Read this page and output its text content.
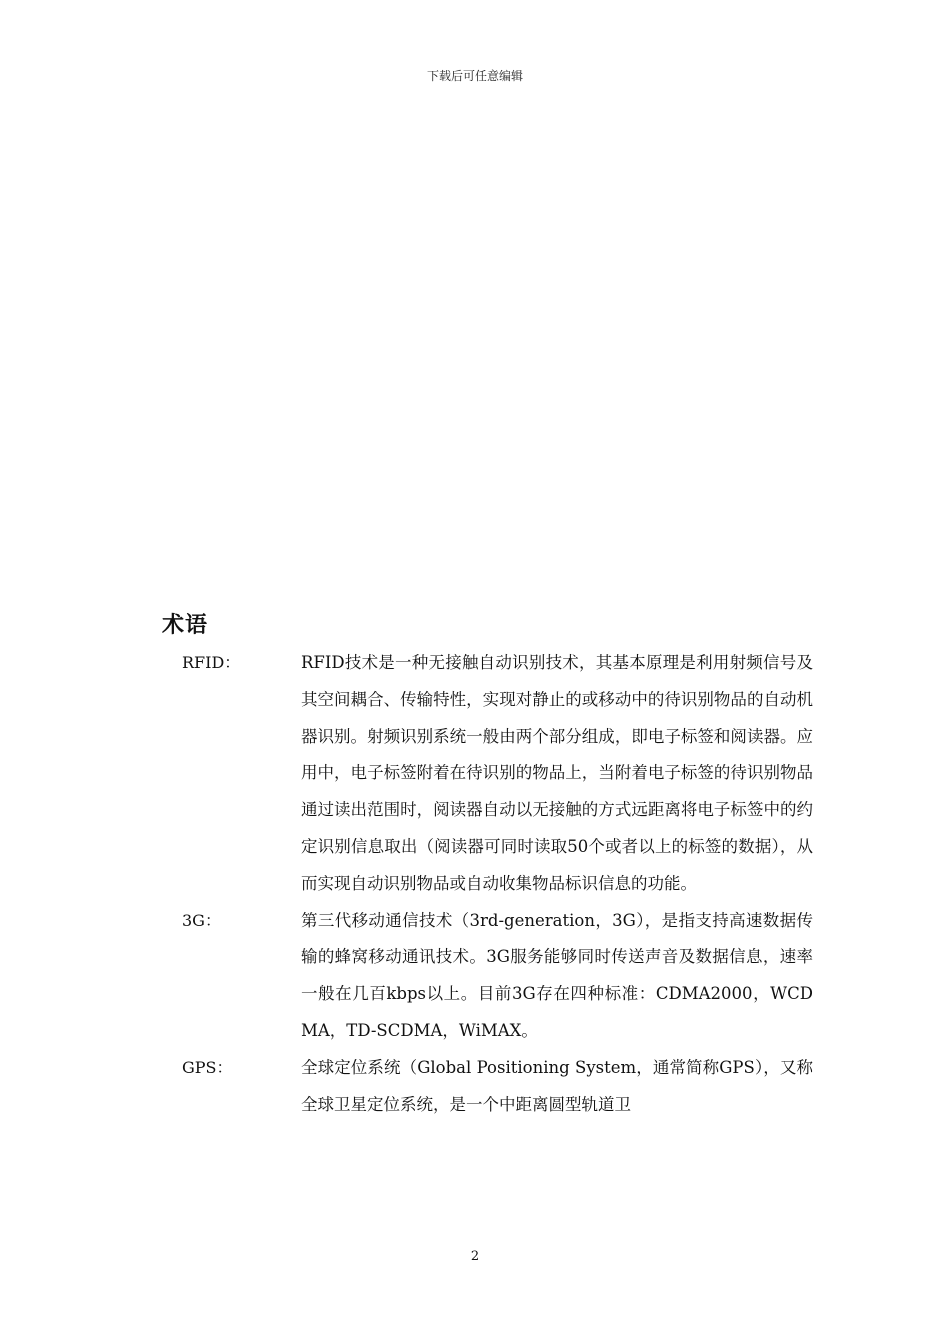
下载后可任意编辑
术语
RFID：	RFID技术是一种无接触自动识别技术，其基本原理是利用射频信号及其空间耦合、传输特性，实现对静止的或移动中的待识别物品的自动机器识别。射频识别系统一般由两个部分组成，即电子标签和阅读器。应用中，电子标签附着在待识别的物品上，当附着电子标签的待识别物品通过读出范围时，阅读器自动以无接触的方式远距离将电子标签中的约定识别信息取出（阅读器可同时读取50个或者以上的标签的数据），从而实现自动识别物品或自动收集物品标识信息的功能。
3G：	第三代移动通信技术（3rd-generation，3G），是指支持高速数据传输的蜂窝移动通讯技术。3G服务能够同时传送声音及数据信息，速率一般在几百kbps以上。目前3G存在四种标准：CDMA2000，WCDMA，TD-SCDMA，WiMAX。
GPS：	全球定位系统（Global Positioning System，通常简称GPS），又称全球卫星定位系统，是一个中距离圆型轨道卫
2
